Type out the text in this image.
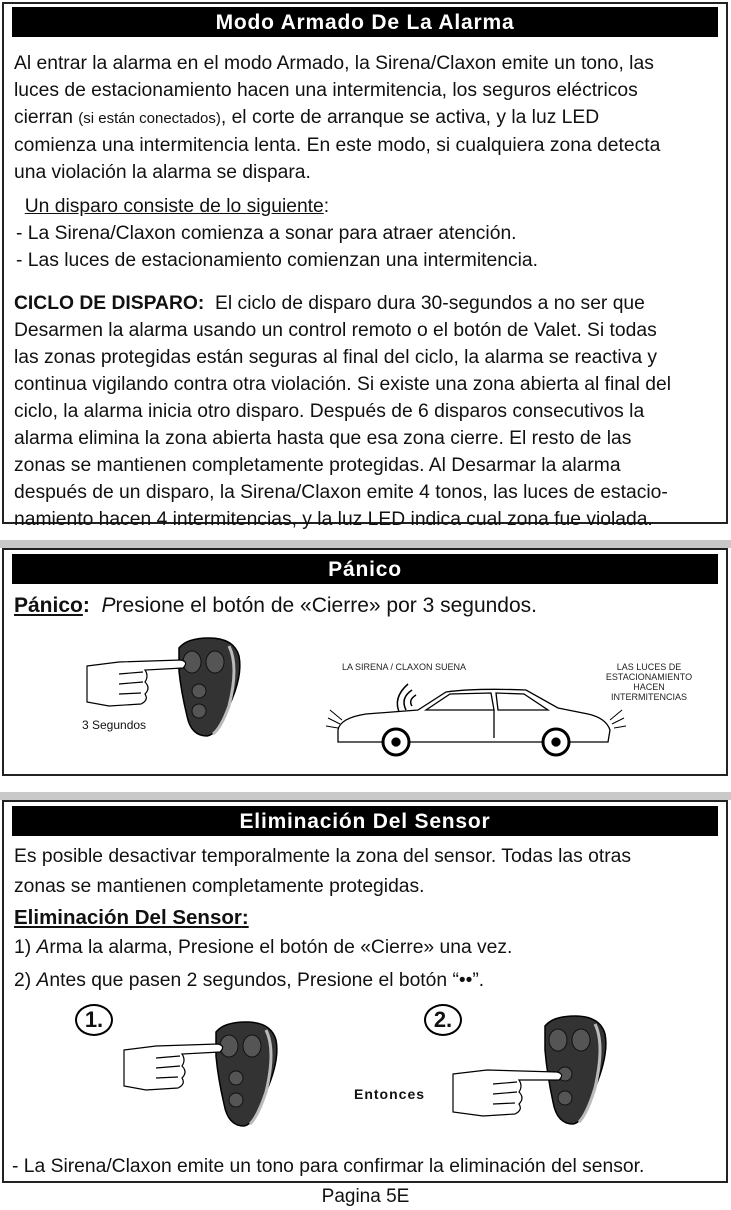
Modo Armado De La Alarma

Al entrar la alarma en el modo Armado, la Sirena/Claxon emite un tono, las
luces de estacionamiento hacen una intermitencia, los seguros eléctricos
cierran (si están conectados), el corte de arranque se activa, y la luz LED
comienza una intermitencia lenta. En este modo, si cualquiera zona detecta
una violación la alarma se dispara.

Un disparo consiste de lo siguiente:
- La Sirena/Claxon comienza a sonar para atraer atención.
- Las luces de estacionamiento comienzan una intermitencia.

CICLO DE DISPARO: El ciclo de disparo dura 30-segundos a no ser que
Desarmen la alarma usando un control remoto o el botón de Valet. Si todas
las zonas protegidas están seguras al final del ciclo, la alarma se reactiva y
continua vigilando contra otra violación. Si existe una zona abierta al final del
ciclo, la alarma inicia otro disparo. Después de 6 disparos consecutivos la
alarma elimina la zona abierta hasta que esa zona cierre. El resto de las
zonas se mantienen completamente protegidas. Al Desarmar la alarma
después de un disparo, la Sirena/Claxon emite 4 tonos, las luces de estacio-
namiento hacen 4 intermitencias, y la luz LED indica cual zona fue violada.

Pánico
Pánico: Presione el botón de «Cierre» por 3 segundos.
3 Segundos
LA SIRENA / CLAXON SUENA	LAS LUCES DE
ESTACIONAMIENTO
HACEN
INTERMITENCIAS
Eliminación Del Sensor

Es posible desactivar temporalmente la zona del sensor. Todas las otras
zonas se mantienen completamente protegidas.

Eliminación Del Sensor:
1) Arma la alarma, Presione el botón de «Cierre» una vez.
2) Antes que pasen 2 segundos, Presione el botón “••”.
1.	2.
Entonces
- La Sirena/Claxon emite un tono para confirmar la eliminación del sensor.
Pagina 5E
